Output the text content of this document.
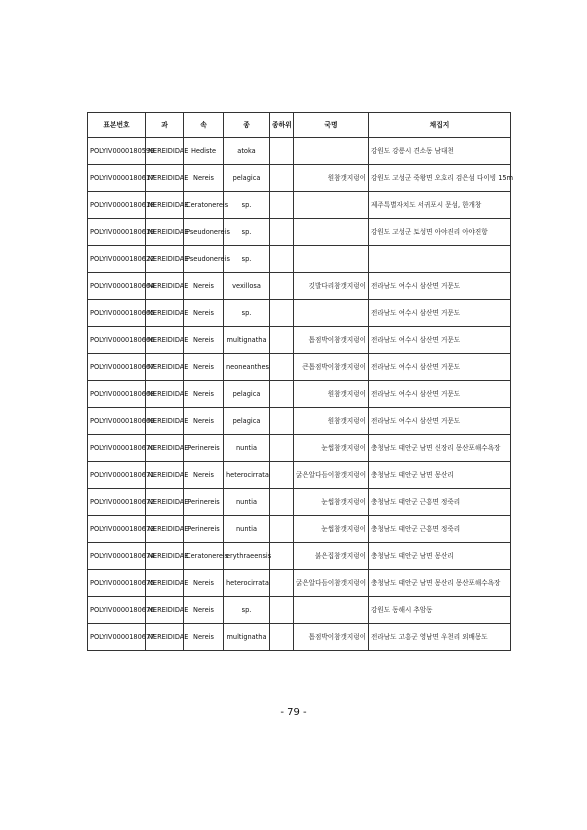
표본번호	과	속	종	종하위	국명	채집지
POLYIV0000180599	NEREIDIDAE	Hediste	atoka			강원도 강릉시 견소동 남대천
POLYIV0000180617	NEREIDIDAE	Nereis	pelagica		원참갯지렁이	강원도 고성군 죽왕면 오호리 검은섬 다이빙 15m
POLYIV0000180618	NEREIDIDAE	Ceratonereis	sp.			제주특별자치도 서귀포시 문섬, 한개창
POLYIV0000180619	NEREIDIDAE	Pseudonereis	sp.			강원도 고성군 토성면 아야진리 아야진항
POLYIV0000180622	NEREIDIDAE	Pseudonereis	sp.			
POLYIV0000180664	NEREIDIDAE	Nereis	vexillosa		깃발다리참갯지렁이	전라남도 여수시 삼산면 거문도
POLYIV0000180665	NEREIDIDAE	Nereis	sp.			전라남도 여수시 삼산면 거문도
POLYIV0000180666	NEREIDIDAE	Nereis	multignatha		톱점박이참갯지렁이	전라남도 여수시 삼산면 거문도
POLYIV0000180667	NEREIDIDAE	Nereis	neoneanthes		큰톱점박이참갯지렁이	전라남도 여수시 삼산면 거문도
POLYIV0000180668	NEREIDIDAE	Nereis	pelagica		원참갯지렁이	전라남도 여수시 삼산면 거문도
POLYIV0000180669	NEREIDIDAE	Nereis	pelagica		원참갯지렁이	전라남도 여수시 삼산면 거문도
POLYIV0000180670	NEREIDIDAE	Perinereis	nuntia		눈썹참갯지렁이	충청남도 태안군 남면 신장리 몽산포해수욕장
POLYIV0000180671	NEREIDIDAE	Nereis	heterocirrata		굵은알다듬이참갯지렁이	충청남도 태안군 남면 몽산리
POLYIV0000180672	NEREIDIDAE	Perinereis	nuntia		눈썹참갯지렁이	충청남도 태안군 근흥면 정죽리
POLYIV0000180673	NEREIDIDAE	Perinereis	nuntia		눈썹참갯지렁이	충청남도 태안군 근흥면 정죽리
POLYIV0000180674	NEREIDIDAE	Ceratonereis	erythraeensis		붉은집참갯지렁이	충청남도 태안군 남면 몽산리
POLYIV0000180675	NEREIDIDAE	Nereis	heterocirrata		굵은알다듬이참갯지렁이	충청남도 태안군 남면 몽산리 몽산포해수욕장
POLYIV0000180676	NEREIDIDAE	Nereis	sp.			강원도 동해시 추암동
POLYIV0000180677	NEREIDIDAE	Nereis	multignatha		톱점박이참갯지렁이	전라남도 고흥군 영남면 우천리 외배몽도
- 79 -
